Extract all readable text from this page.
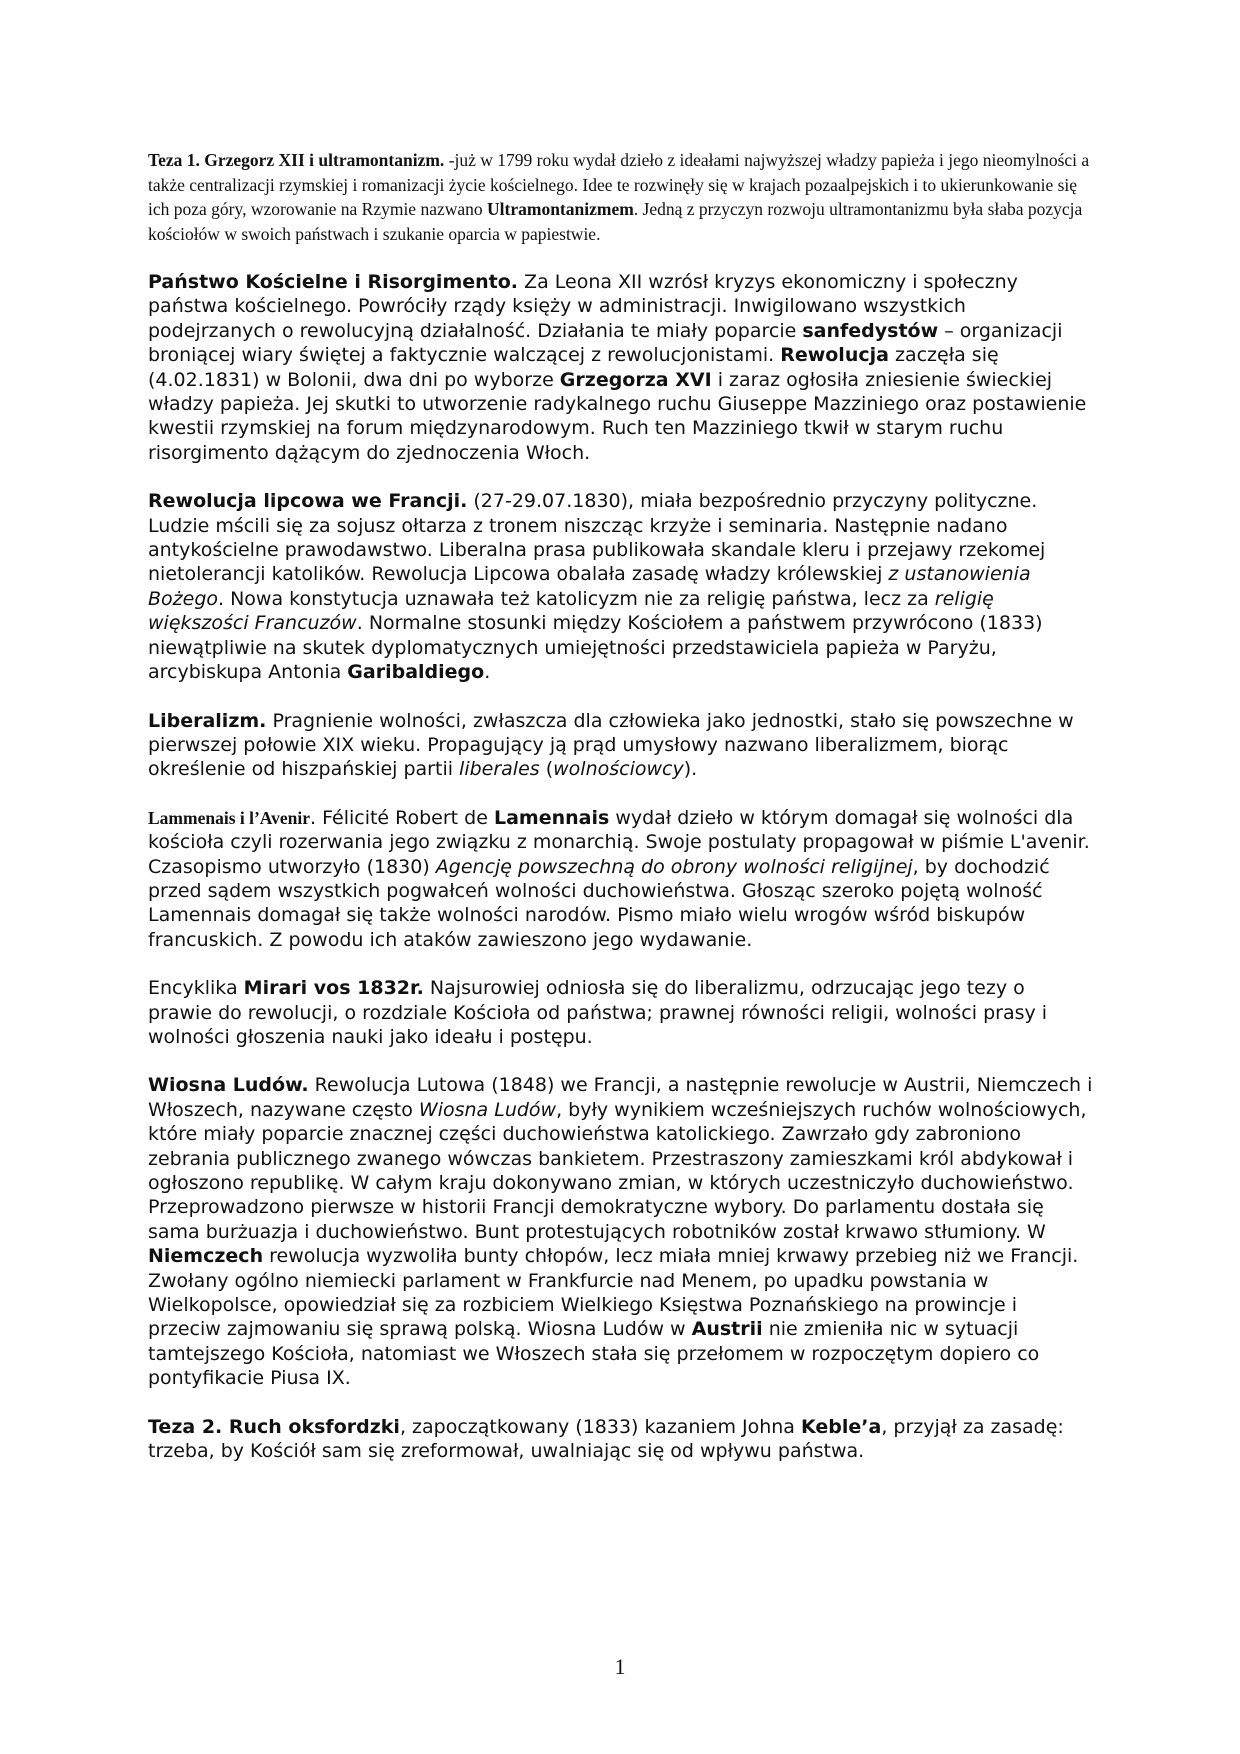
Teza 1. Grzegorz XII i ultramontanizm. -już w 1799 roku wydał dzieło z ideałami najwyższej władzy papieża i jego nieomylności a także centralizacji rzymskiej i romanizacji życie kościelnego. Idee te rozwinęły się w krajach pozaalpejskich i to ukierunkowanie się ich poza góry, wzorowanie na Rzymie nazwano Ultramontanizmem. Jedną z przyczyn rozwoju ultramontanizmu była słaba pozycja kościołów w swoich państwach i szukanie oparcia w papiestwie.

Państwo Kościelne i Risorgimento. Za Leona XII wzrósł kryzys ekonomiczny i społeczny państwa kościelnego. Powróciły rządy księży w administracji. Inwigilowano wszystkich podejrzanych o rewolucyjną działalność. Działania te miały poparcie sanfedystów – organizacji broniącej wiary świętej a faktycznie walczącej z rewolucjonistami. Rewolucja zaczęła się (4.02.1831) w Bolonii, dwa dni po wyborze Grzegorza XVI i zaraz ogłosiła zniesienie świeckiej władzy papieża. Jej skutki to utworzenie radykalnego ruchu Giuseppe Mazziniego oraz postawienie kwestii rzymskiej na forum międzynarodowym. Ruch ten Mazziniego tkwił w starym ruchu risorgimento dążącym do zjednoczenia Włoch.

Rewolucja lipcowa we Francji. (27-29.07.1830), miała bezpośrednio przyczyny polityczne. Ludzie mścili się za sojusz ołtarza z tronem niszcząc krzyże i seminaria. Następnie nadano antykościelne prawodawstwo. Liberalna prasa publikowała skandale kleru i przejawy rzekomej nietolerancji katolików. Rewolucja Lipcowa obalała zasadę władzy królewskiej z ustanowienia Bożego. Nowa konstytucja uznawała też katolicyzm nie za religię państwa, lecz za religię większości Francuzów. Normalne stosunki między Kościołem a państwem przywrócono (1833) niewątpliwie na skutek dyplomatycznych umiejętności przedstawiciela papieża w Paryżu, arcybiskupa Antonia Garibaldiego.

Liberalizm. Pragnienie wolności, zwłaszcza dla człowieka jako jednostki, stało się powszechne w pierwszej połowie XIX wieku. Propagujący ją prąd umysłowy nazwano liberalizmem, biorąc określenie od hiszpańskiej partii liberales (wolnościowcy).

Lammenais i l’Avenir. Félicité Robert de Lamennais wydał dzieło w którym domagał się wolności dla kościoła czyli rozerwania jego związku z monarchią. Swoje postulaty propagował w piśmie L'avenir. Czasopismo utworzyło (1830) Agencję powszechną do obrony wolności religijnej, by dochodzić przed sądem wszystkich pogwałceń wolności duchowieństwa. Głosząc szeroko pojętą wolność Lamennais domagał się także wolności narodów. Pismo miało wielu wrogów wśród biskupów francuskich. Z powodu ich ataków zawieszono jego wydawanie.

Encyklika Mirari vos 1832r. Najsurowiej odniosła się do liberalizmu, odrzucając jego tezy o prawie do rewolucji, o rozdziale Kościoła od państwa; prawnej równości religii, wolności prasy i wolności głoszenia nauki jako ideału i postępu.

Wiosna Ludów. Rewolucja Lutowa (1848) we Francji, a następnie rewolucje w Austrii, Niemczech i Włoszech, nazywane często Wiosna Ludów, były wynikiem wcześniejszych ruchów wolnościowych, które miały poparcie znacznej części duchowieństwa katolickiego. Zawrzało gdy zabroniono zebrania publicznego zwanego wówczas bankietem. Przestraszony zamieszkami król abdykował i ogłoszono republikę. W całym kraju dokonywano zmian, w których uczestniczyło duchowieństwo. Przeprowadzono pierwsze w historii Francji demokratyczne wybory. Do parlamentu dostała się sama burżuazja i duchowieństwo. Bunt protestujących robotników został krwawo stłumiony. W Niemczech rewolucja wyzwoliła bunty chłopów, lecz miała mniej krwawy przebieg niż we Francji. Zwołany ogólno niemiecki parlament w Frankfurcie nad Menem, po upadku powstania w Wielkopolsce, opowiedział się za rozbiciem Wielkiego Księstwa Poznańskiego na prowincje i przeciw zajmowaniu się sprawą polską. Wiosna Ludów w Austrii nie zmieniła nic w sytuacji tamtejszego Kościoła, natomiast we Włoszech stała się przełomem w rozpoczętym dopiero co pontyfikacie Piusa IX.

Teza 2. Ruch oksfordzki, zapoczątkowany (1833) kazaniem Johna Keble’a, przyjął za zasadę: trzeba, by Kościół sam się zreformował, uwalniając się od wpływu państwa.

1
